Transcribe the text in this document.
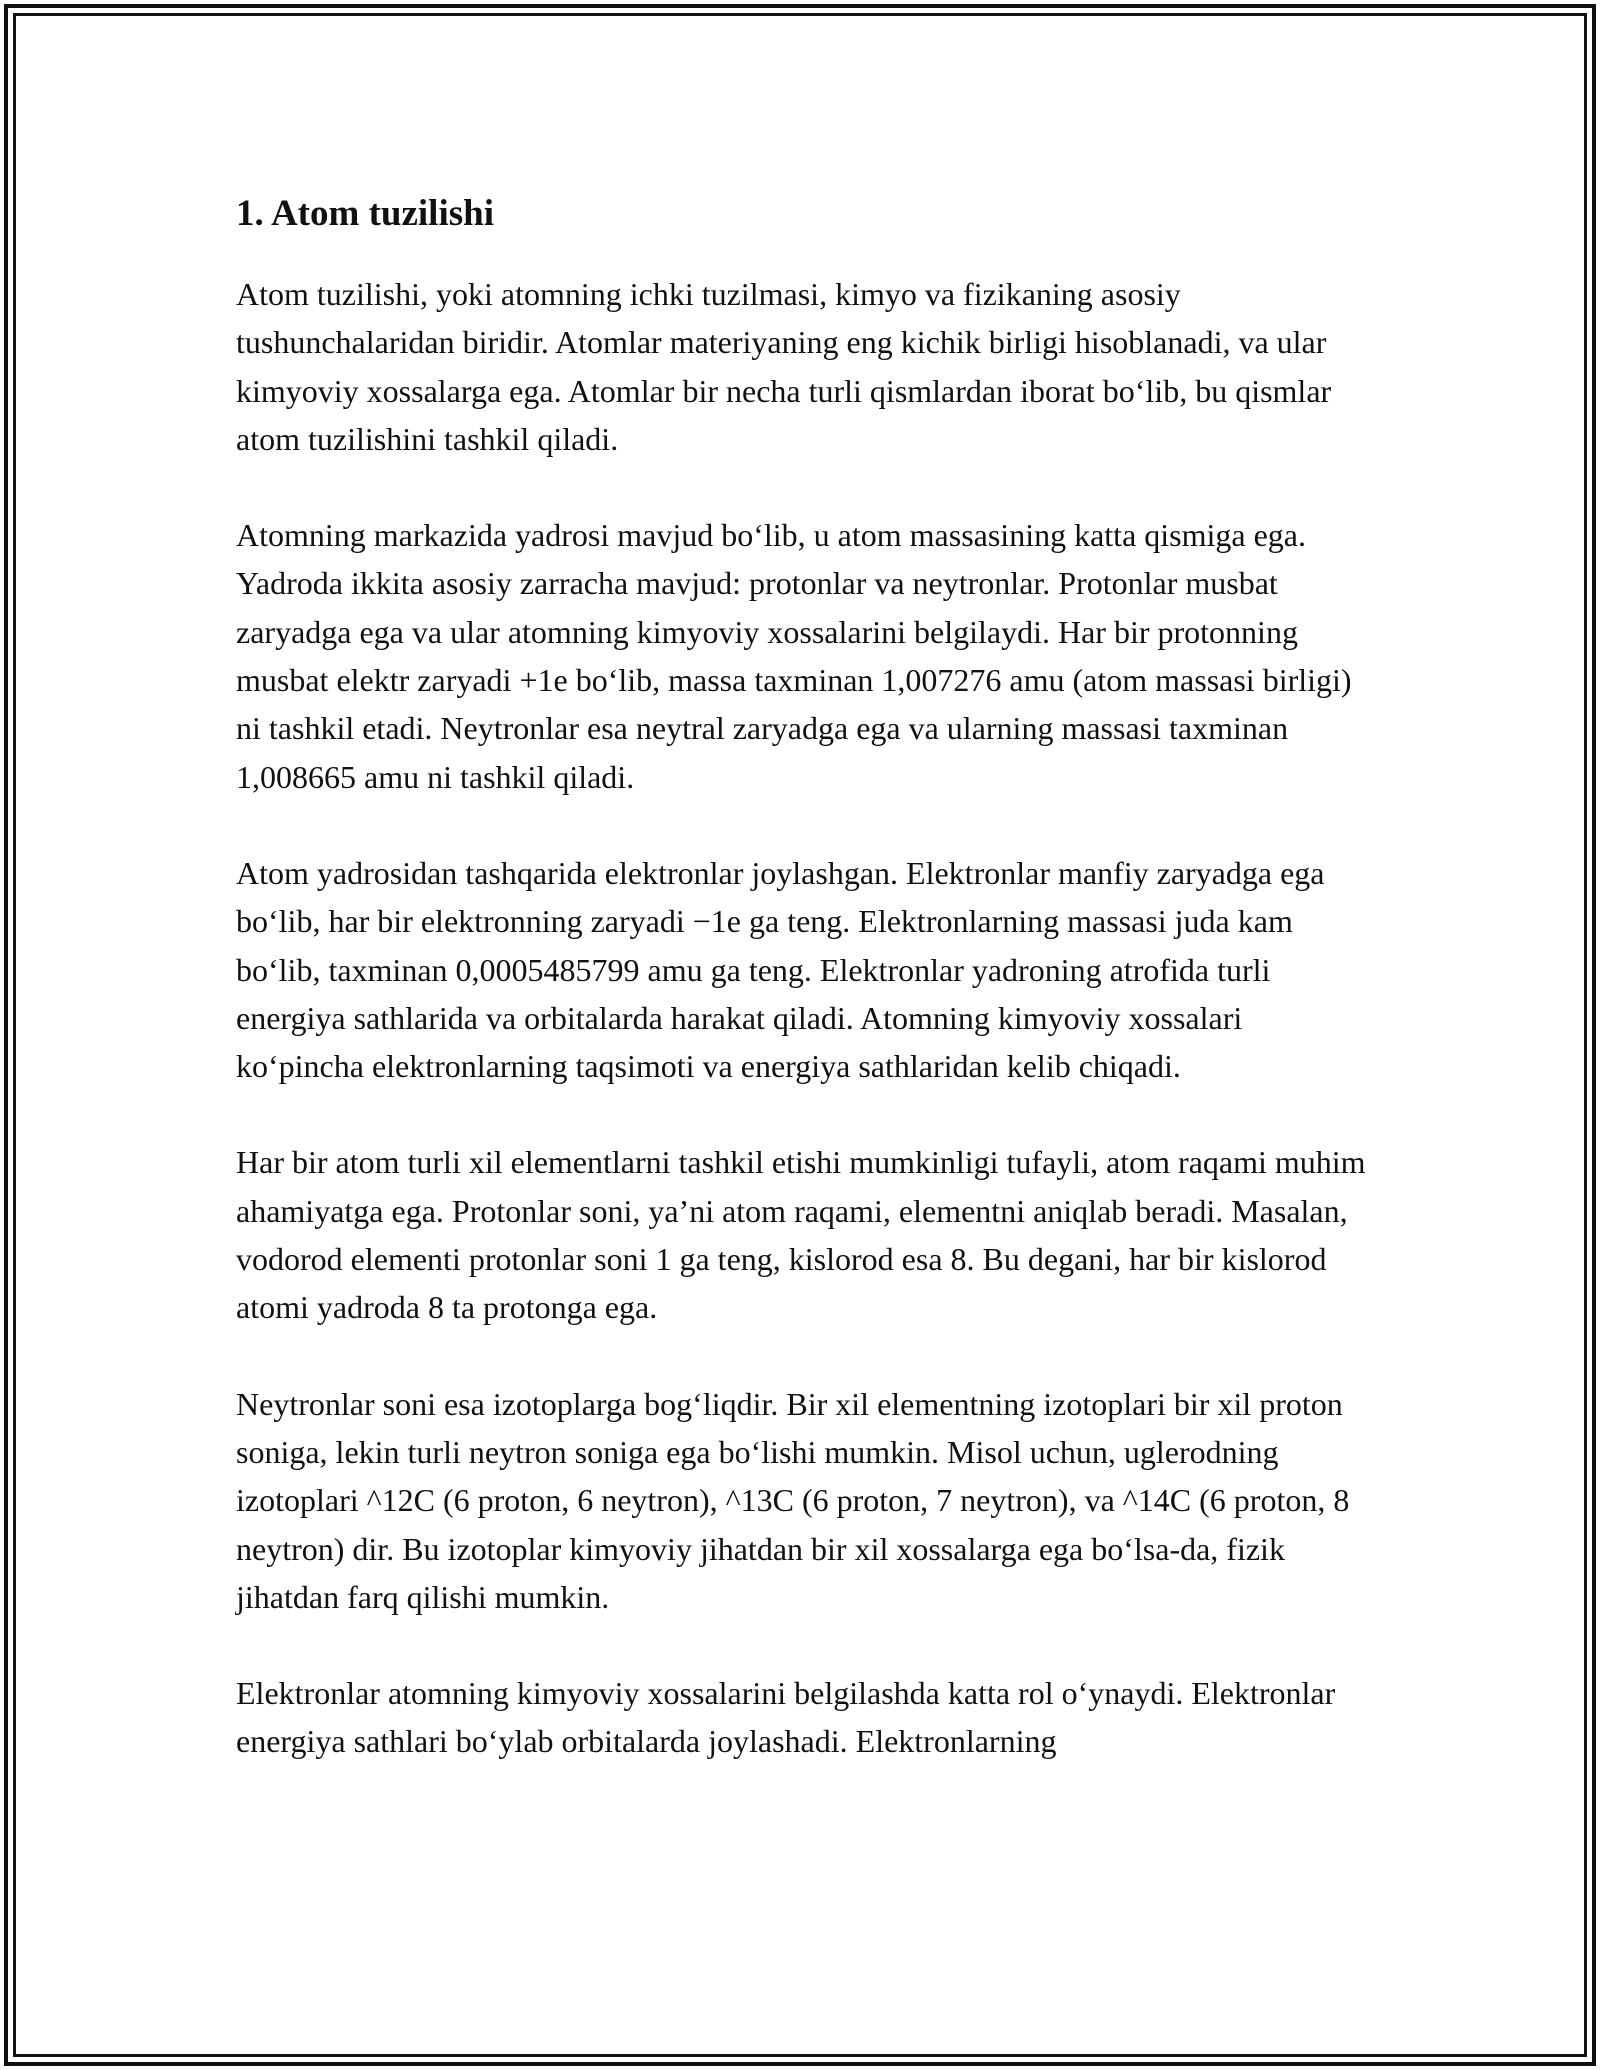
1. Atom tuzilishi

Atom tuzilishi, yoki atomning ichki tuzilmasi, kimyo va fizikaning asosiy tushunchalaridan biridir. Atomlar materiyaning eng kichik birligi hisoblanadi, va ular kimyoviy xossalarga ega. Atomlar bir necha turli qismlardan iborat bo‘lib, bu qismlar atom tuzilishini tashkil qiladi.

Atomning markazida yadrosi mavjud bo‘lib, u atom massasining katta qismiga ega. Yadroda ikkita asosiy zarracha mavjud: protonlar va neytronlar. Protonlar musbat zaryadga ega va ular atomning kimyoviy xossalarini belgilaydi. Har bir protonning musbat elektr zaryadi +1e bo‘lib, massa taxminan 1,007276 amu (atom massasi birligi) ni tashkil etadi. Neytronlar esa neytral zaryadga ega va ularning massasi taxminan 1,008665 amu ni tashkil qiladi.

Atom yadrosidan tashqarida elektronlar joylashgan. Elektronlar manfiy zaryadga ega bo‘lib, har bir elektronning zaryadi −1e ga teng. Elektronlarning massasi juda kam bo‘lib, taxminan 0,0005485799 amu ga teng. Elektronlar yadroning atrofida turli energiya sathlarida va orbitalarda harakat qiladi. Atomning kimyoviy xossalari ko‘pincha elektronlarning taqsimoti va energiya sathlaridan kelib chiqadi.

Har bir atom turli xil elementlarni tashkil etishi mumkinligi tufayli, atom raqami muhim ahamiyatga ega. Protonlar soni, ya’ni atom raqami, elementni aniqlab beradi. Masalan, vodorod elementi protonlar soni 1 ga teng, kislorod esa 8. Bu degani, har bir kislorod atomi yadroda 8 ta protonga ega.

Neytronlar soni esa izotoplarga bog‘liqdir. Bir xil elementning izotoplari bir xil proton soniga, lekin turli neytron soniga ega bo‘lishi mumkin. Misol uchun, uglerodning izotoplari ^12C (6 proton, 6 neytron), ^13C (6 proton, 7 neytron), va ^14C (6 proton, 8 neytron) dir. Bu izotoplar kimyoviy jihatdan bir xil xossalarga ega bo‘lsa-da, fizik jihatdan farq qilishi mumkin.

Elektronlar atomning kimyoviy xossalarini belgilashda katta rol o‘ynaydi. Elektronlar energiya sathlari bo‘ylab orbitalarda joylashadi. Elektronlarning
